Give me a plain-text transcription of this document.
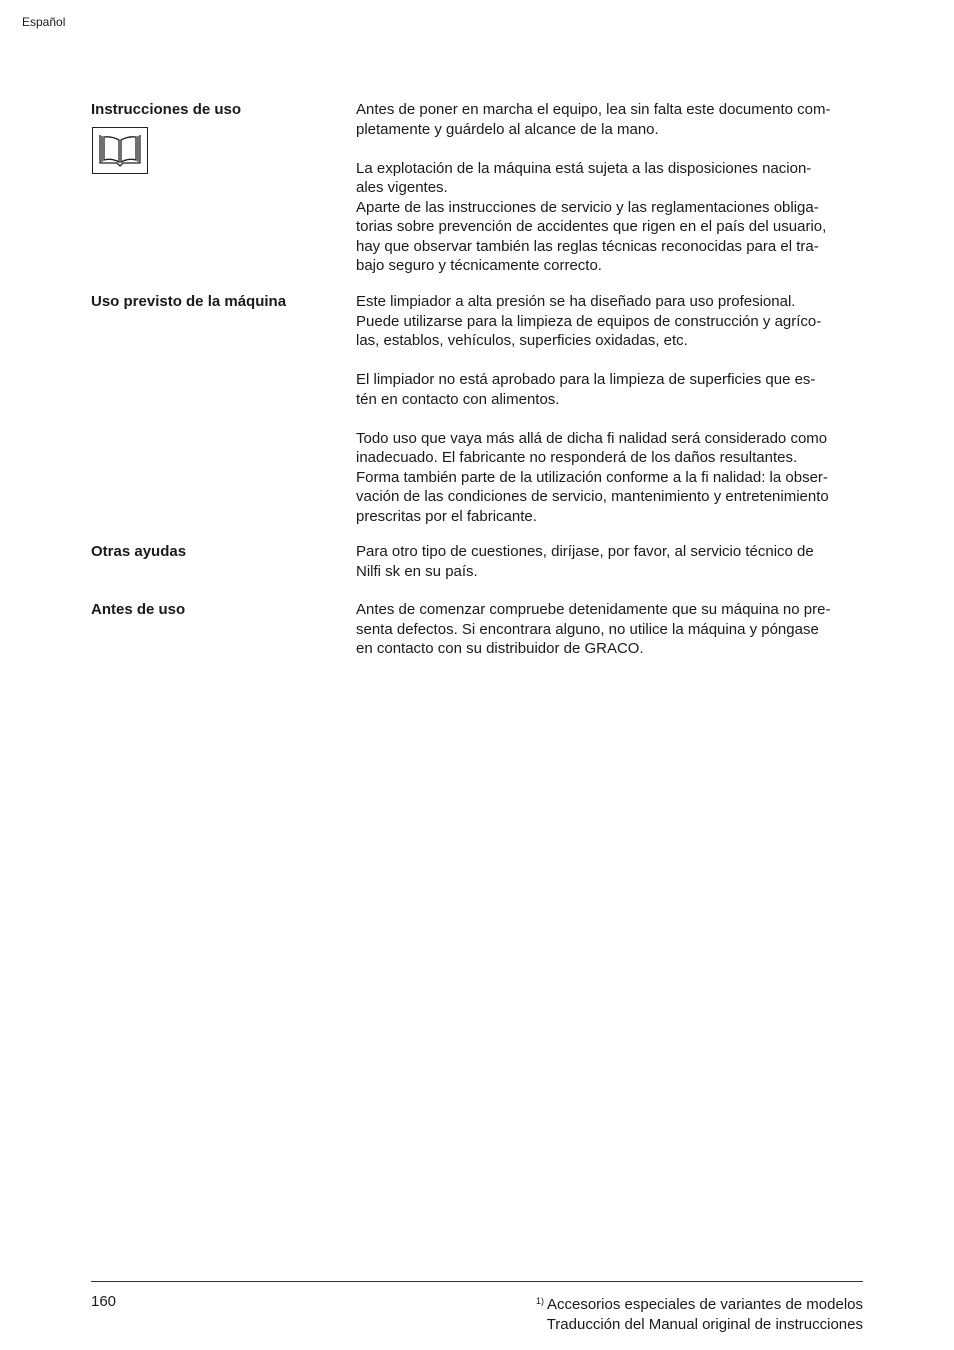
Español
Instrucciones de uso	Antes de poner en marcha el equipo, lea sin falta este documento com-
pletamente y guárdelo al alcance de la mano.
La explotación de la máquina está sujeta a las disposiciones nacion-
ales vigentes.
Aparte de las instrucciones de servicio y las reglamentaciones obliga-
torias sobre prevención de accidentes que rigen en el país del usuario,
hay que observar también las reglas técnicas reconocidas para el tra-
bajo seguro y técnicamente correcto.
Uso previsto de la máquina	Este limpiador a alta presión se ha diseñado para uso profesional.
Puede utilizarse para la limpieza de equipos de construcción y agríco-
las, establos, vehículos, superficies oxidadas, etc.
El limpiador no está aprobado para la limpieza de superficies que es-
tén en contacto con alimentos.
Todo uso que vaya más allá de dicha fi nalidad será considerado como
inadecuado. El fabricante no responderá de los daños resultantes.
Forma también parte de la utilización conforme a la fi nalidad: la obser-
vación de las condiciones de servicio, mantenimiento y entretenimiento
prescritas por el fabricante.
Otras ayudas	Para otro tipo de cuestiones, diríjase, por favor, al servicio técnico de
Nilfi sk en su país.
Antes de uso	Antes de comenzar compruebe detenidamente que su máquina no pre-
senta defectos. Si encontrara alguno, no utilice la máquina y póngase
en contacto con su distribuidor de GRACO.
160	$^{1)}$ Accesorios especiales de variantes de modelos
Traducción del Manual original de instrucciones
